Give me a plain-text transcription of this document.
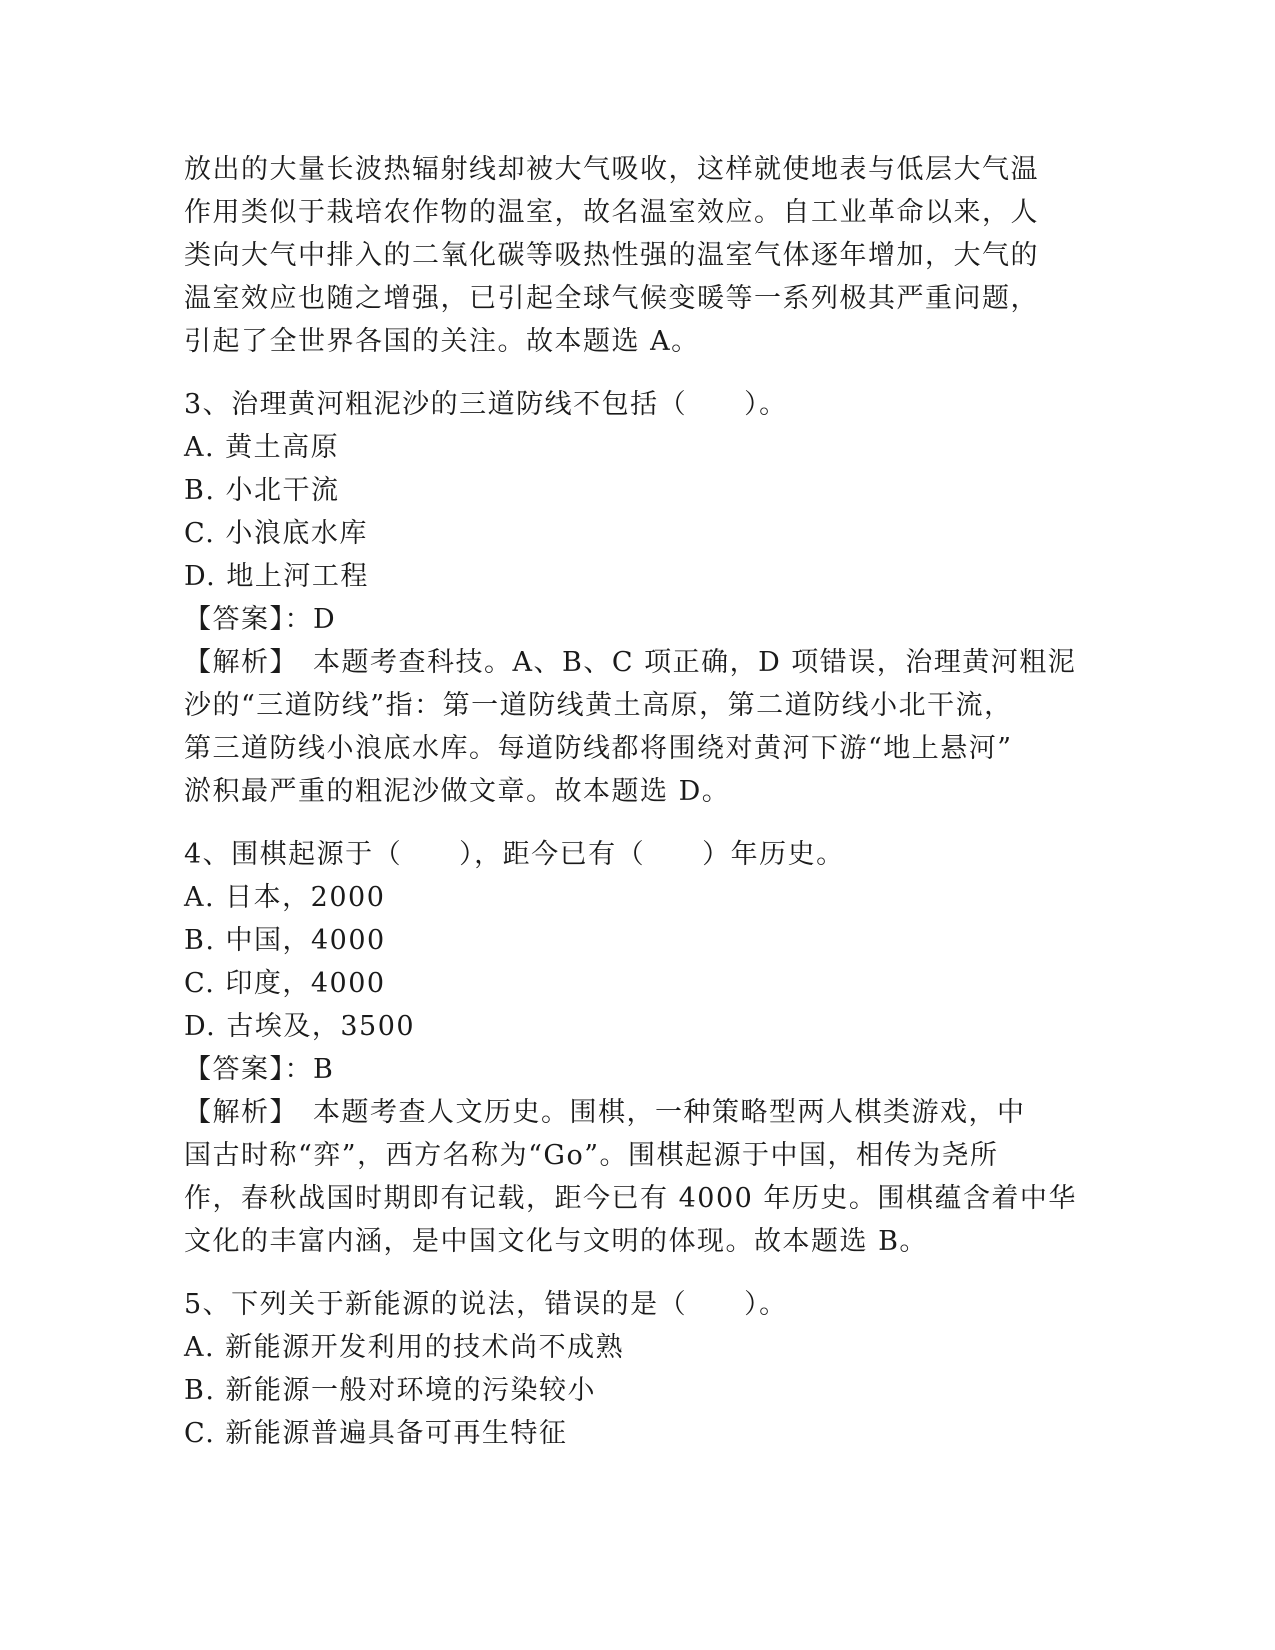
放出的大量长波热辐射线却被大气吸收，这样就使地表与低层大气温
作用类似于栽培农作物的温室，故名温室效应。自工业革命以来，人
类向大气中排入的二氧化碳等吸热性强的温室气体逐年增加，大气的
温室效应也随之增强，已引起全球气候变暖等一系列极其严重问题，
引起了全世界各国的关注。故本题选 A。
3、治理黄河粗泥沙的三道防线不包括（　　）。
A. 黄土高原
B. 小北干流
C. 小浪底水库
D. 地上河工程
【答案】：D
【解析】　本题考查科技。A、B、C 项正确，D 项错误，治理黄河粗泥
沙的“三道防线”指：第一道防线黄土高原，第二道防线小北干流，
第三道防线小浪底水库。每道防线都将围绕对黄河下游“地上悬河”
淤积最严重的粗泥沙做文章。故本题选 D。
4、围棋起源于（　　），距今已有（　　）年历史。
A. 日本，2000
B. 中国，4000
C. 印度，4000
D. 古埃及，3500
【答案】：B
【解析】　本题考查人文历史。围棋，一种策略型两人棋类游戏，中
国古时称“弈”，西方名称为“Go”。围棋起源于中国，相传为尧所
作，春秋战国时期即有记载，距今已有 4000 年历史。围棋蕴含着中华
文化的丰富内涵，是中国文化与文明的体现。故本题选 B。
5、下列关于新能源的说法，错误的是（　　）。
A. 新能源开发利用的技术尚不成熟
B. 新能源一般对环境的污染较小
C. 新能源普遍具备可再生特征
